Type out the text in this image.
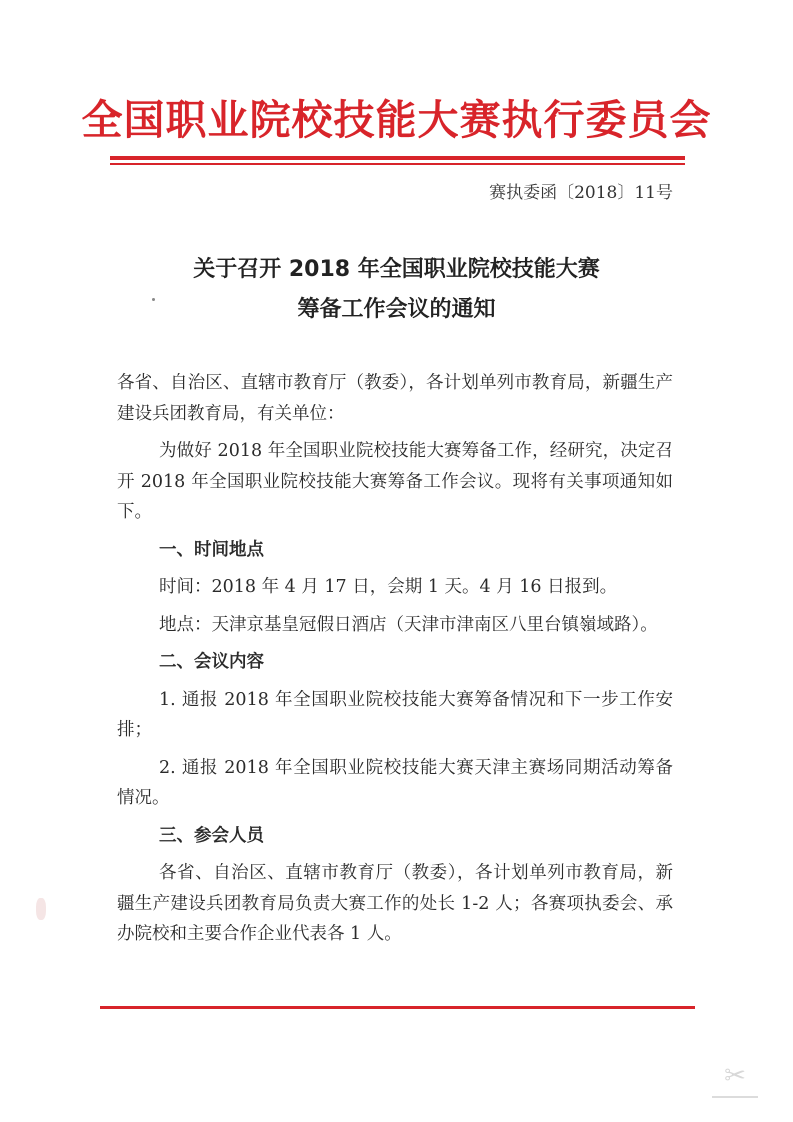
全国职业院校技能大赛执行委员会
赛执委函〔2018〕11号
关于召开 2018 年全国职业院校技能大赛
筹备工作会议的通知

各省、自治区、直辖市教育厅（教委），各计划单列市教育局，新疆生产建设兵团教育局，有关单位：

为做好 2018 年全国职业院校技能大赛筹备工作，经研究，决定召开 2018 年全国职业院校技能大赛筹备工作会议。现将有关事项通知如下。

一、时间地点

时间：2018 年 4 月 17 日，会期 1 天。4 月 16 日报到。

地点：天津京基皇冠假日酒店（天津市津南区八里台镇嶺域路）。

二、会议内容

1. 通报 2018 年全国职业院校技能大赛筹备情况和下一步工作安排；

2. 通报 2018 年全国职业院校技能大赛天津主赛场同期活动筹备情况。

三、参会人员

各省、自治区、直辖市教育厅（教委），各计划单列市教育局，新疆生产建设兵团教育局负责大赛工作的处长 1-2 人；各赛项执委会、承办院校和主要合作企业代表各 1 人。

✂
